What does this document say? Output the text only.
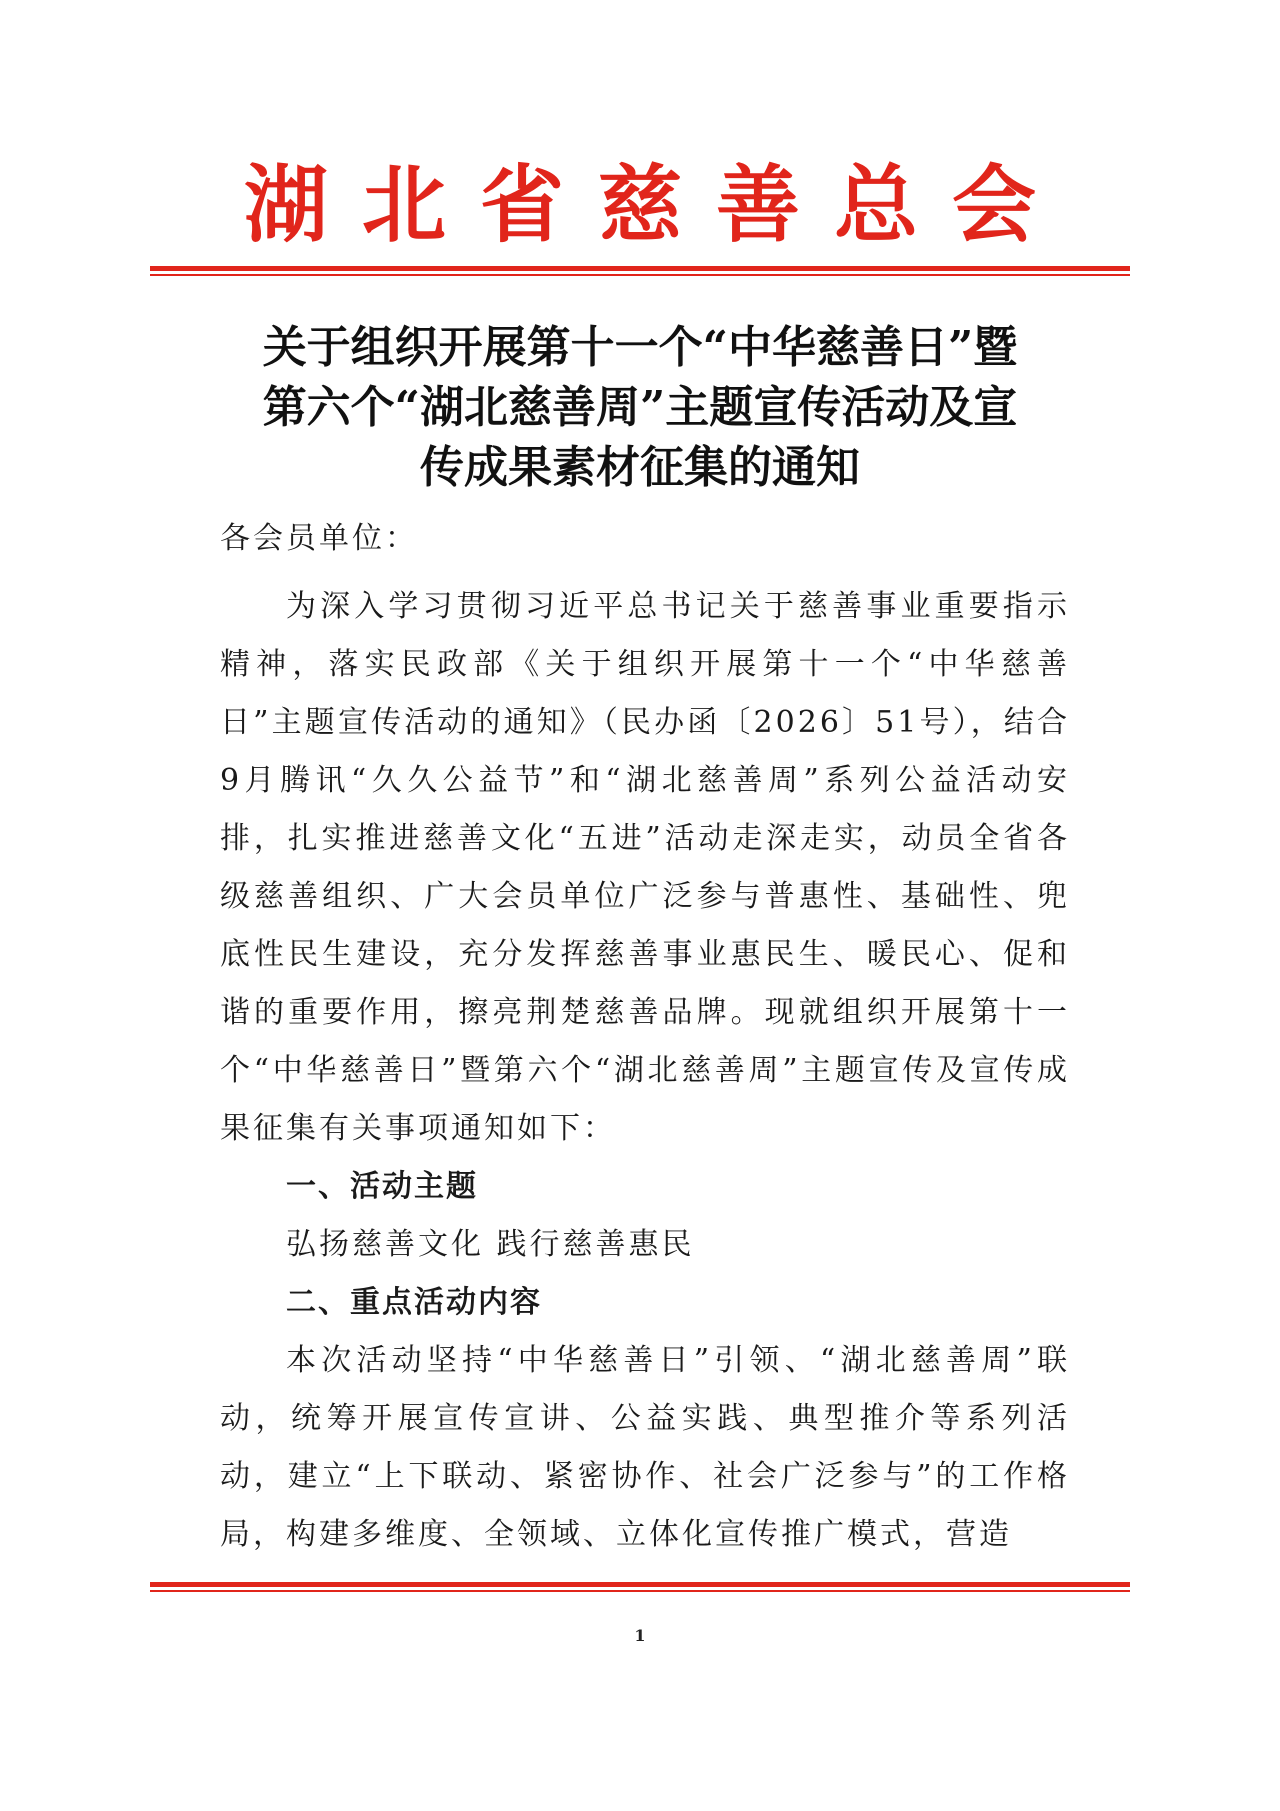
湖北省慈善总会
关于组织开展第十一个“中华慈善日”暨
第六个“湖北慈善周”主题宣传活动及宣
传成果素材征集的通知
各会员单位：
为深入学习贯彻习近平总书记关于慈善事业重要指示精神，落实民政部《关于组织开展第十一个“中华慈善日”主题宣传活动的通知》（民办函〔2026〕51号），结合9月腾讯“久久公益节”和“湖北慈善周”系列公益活动安排，扎实推进慈善文化“五进”活动走深走实，动员全省各级慈善组织、广大会员单位广泛参与普惠性、基础性、兜底性民生建设，充分发挥慈善事业惠民生、暖民心、促和谐的重要作用，擦亮荆楚慈善品牌。现就组织开展第十一个“中华慈善日”暨第六个“湖北慈善周”主题宣传及宣传成果征集有关事项通知如下：
一、活动主题
弘扬慈善文化 践行慈善惠民
二、重点活动内容
本次活动坚持“中华慈善日”引领、“湖北慈善周”联动，统筹开展宣传宣讲、公益实践、典型推介等系列活动，建立“上下联动、紧密协作、社会广泛参与”的工作格局，构建多维度、全领域、立体化宣传推广模式，营造
1
